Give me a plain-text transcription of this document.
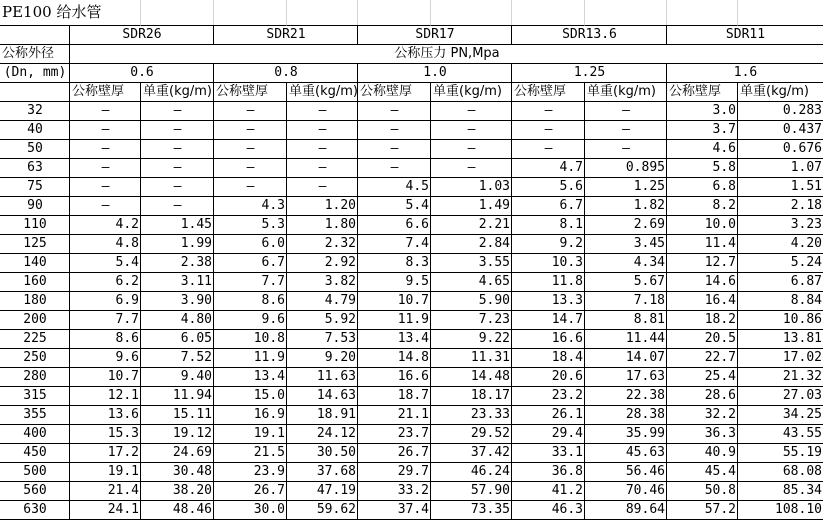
PE100 给水管
SDR26	SDR21	SDR17	SDR13.6	SDR11
公称外径	公称压力 PN,Mpa
(Dn, mm)	0.6	0.8	1.0	1.25	1.6
公称壁厚	单重(kg/m) 公称壁厚	单重(kg/m) 公称壁厚	单重(kg/m) 公称壁厚	单重(kg/m)	公称壁厚	单重(kg/m)
32	—	—	—	—	—	—	—	—	3.0	0.283
40	—	—	—	—	—	—	—	—	3.7	0.437
50	—	—	—	—	—	—	—	—	4.6	0.676
63	—	—	—	—	—	—	4.7	0.895	5.8	1.07
75	—	—	—	—	4.5	1.03	5.6	1.25	6.8	1.51
90	—	—	4.3	1.20	5.4	1.49	6.7	1.82	8.2	2.18
110	4.2	1.45	5.3	1.80	6.6	2.21	8.1	2.69	10.0	3.23
125	4.8	1.99	6.0	2.32	7.4	2.84	9.2	3.45	11.4	4.20
140	5.4	2.38	6.7	2.92	8.3	3.55	10.3	4.34	12.7	5.24
160	6.2	3.11	7.7	3.82	9.5	4.65	11.8	5.67	14.6	6.87
180	6.9	3.90	8.6	4.79	10.7	5.90	13.3	7.18	16.4	8.84
200	7.7	4.80	9.6	5.92	11.9	7.23	14.7	8.81	18.2	10.86
225	8.6	6.05	10.8	7.53	13.4	9.22	16.6	11.44	20.5	13.81
250	9.6	7.52	11.9	9.20	14.8	11.31	18.4	14.07	22.7	17.02
280	10.7	9.40	13.4	11.63	16.6	14.48	20.6	17.63	25.4	21.32
315	12.1	11.94	15.0	14.63	18.7	18.17	23.2	22.38	28.6	27.03
355	13.6	15.11	16.9	18.91	21.1	23.33	26.1	28.38	32.2	34.25
400	15.3	19.12	19.1	24.12	23.7	29.52	29.4	35.99	36.3	43.55
450	17.2	24.69	21.5	30.50	26.7	37.42	33.1	45.63	40.9	55.19
500	19.1	30.48	23.9	37.68	29.7	46.24	36.8	56.46	45.4	68.08
560	21.4	38.20	26.7	47.19	33.2	57.90	41.2	70.46	50.8	85.34
630	24.1	48.46	30.0	59.62	37.4	73.35	46.3	89.64	57.2	108.10
